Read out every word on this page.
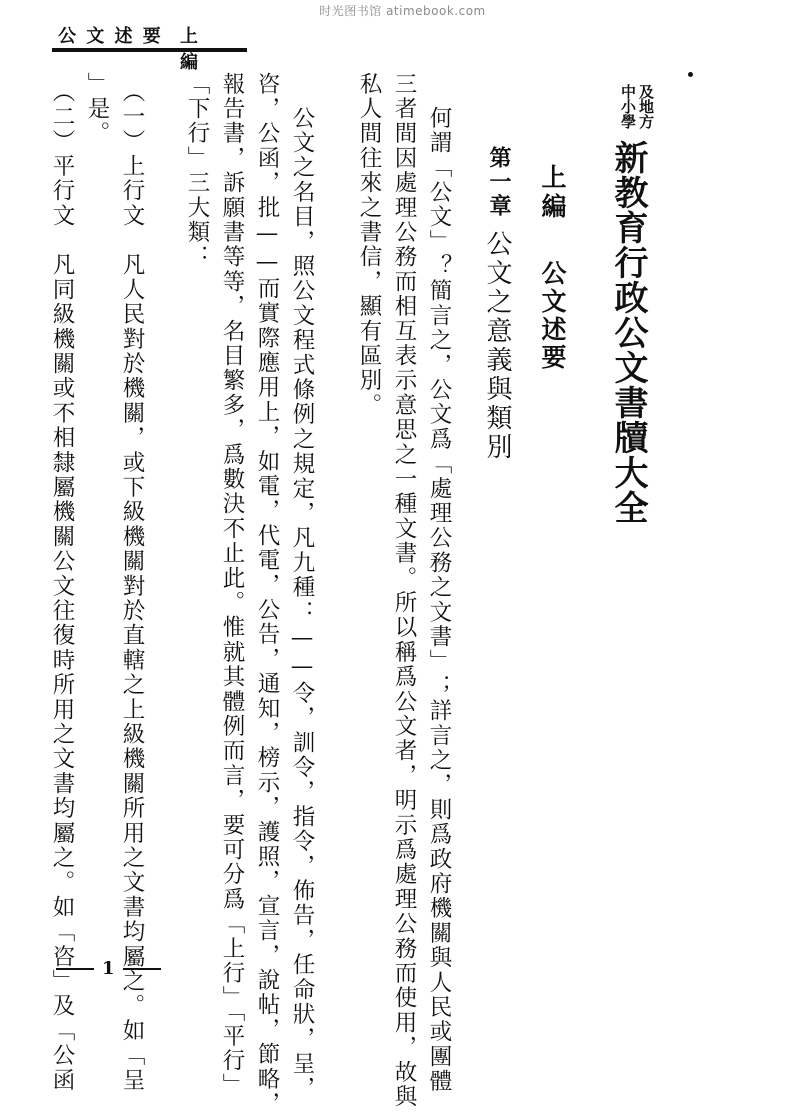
时光图书馆 atimebook.com
上 編
公 文 述 要
中小學 及地方
新教育行政公文書牘大全
上編
公文述要
第一章
公文之意義與類別
何謂「公文」？簡言之，公文爲「處理公務之文書」；詳言之，則爲政府機關與人民或團體
三者間因處理公務而相互表示意思之一種文書。所以稱爲公文者，明示爲處理公務而使用，故與
私人間往來之書信，顯有區別。
公文之名目，照公文程式條例之規定，凡九種：——令，訓令，指令，佈告，任命狀，呈，
咨，公函，批——而實際應用上，如電，代電，公告，通知，榜示，護照，宣言，說帖，節略，
報告書，訴願書等等，名目繁多，爲數決不止此。惟就其體例而言，要可分爲「上行」「平行」
「下行」三大類：
（一）上行文　凡人民對於機關，或下級機關對於直轄之上級機關所用之文書均屬之。如「呈
」是。
（二）平行文　凡同級機關或不相隸屬機關公文往復時所用之文書均屬之。如「咨」及「公函	1
